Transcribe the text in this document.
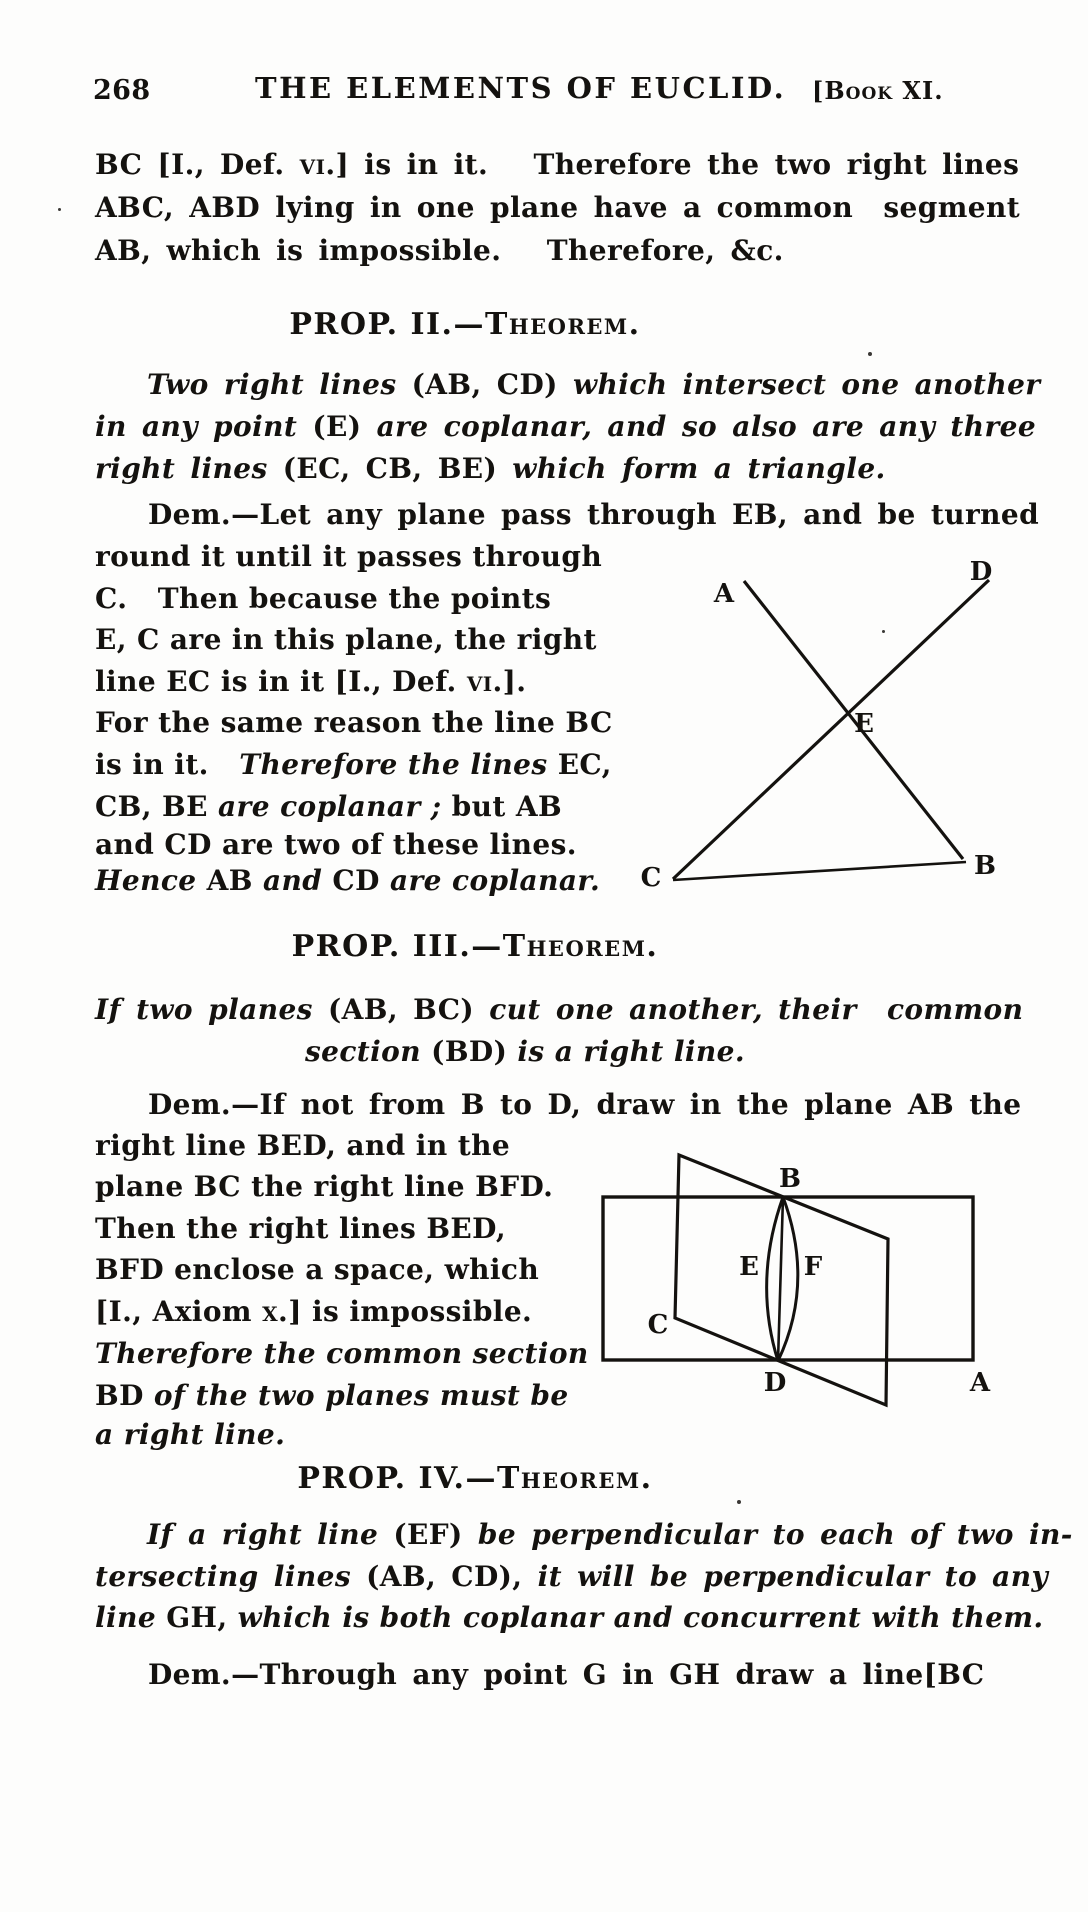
268	THE ELEMENTS OF EUCLID. [Book XI.
BC [I., Def. vi.] is in it.   Therefore the two right lines
ABC, ABD lying in one plane have a common  segment
AB, which is impossible.   Therefore, &c.
PROP. II.—Theorem.
Two right lines (AB, CD) which intersect one another
in any point (E) are coplanar, and so also are any three
right lines (EC, CB, BE) which form a triangle.
Dem.—Let any plane pass through EB, and be turned
round it until it passes through
C.   Then because the points
E, C are in this plane, the right
line EC is in it [I., Def. vi.].
For the same reason the line BC
is in it.   Therefore the lines EC,
CB, BE are coplanar ; but AB
and CD are two of these lines.
Hence AB and CD are coplanar.
A
D
E
C	B
PROP. III.—Theorem.
If two planes (AB, BC) cut one another, their  common
section (BD) is a right line.
Dem.—If not from B to D, draw in the plane AB the
right line BED, and in the
plane BC the right line BFD.
Then the right lines BED,
BFD enclose a space, which
[I., Axiom x.] is impossible.
Therefore the common section
BD of the two planes must be
a right line.
B
D
C
A
E F
PROP. IV.—Theorem.
If a right line (EF) be perpendicular to each of two in-
tersecting lines (AB, CD), it will be perpendicular to any
line GH, which is both coplanar and concurrent with them.
Dem.—Through any point G in GH draw a line[BC
